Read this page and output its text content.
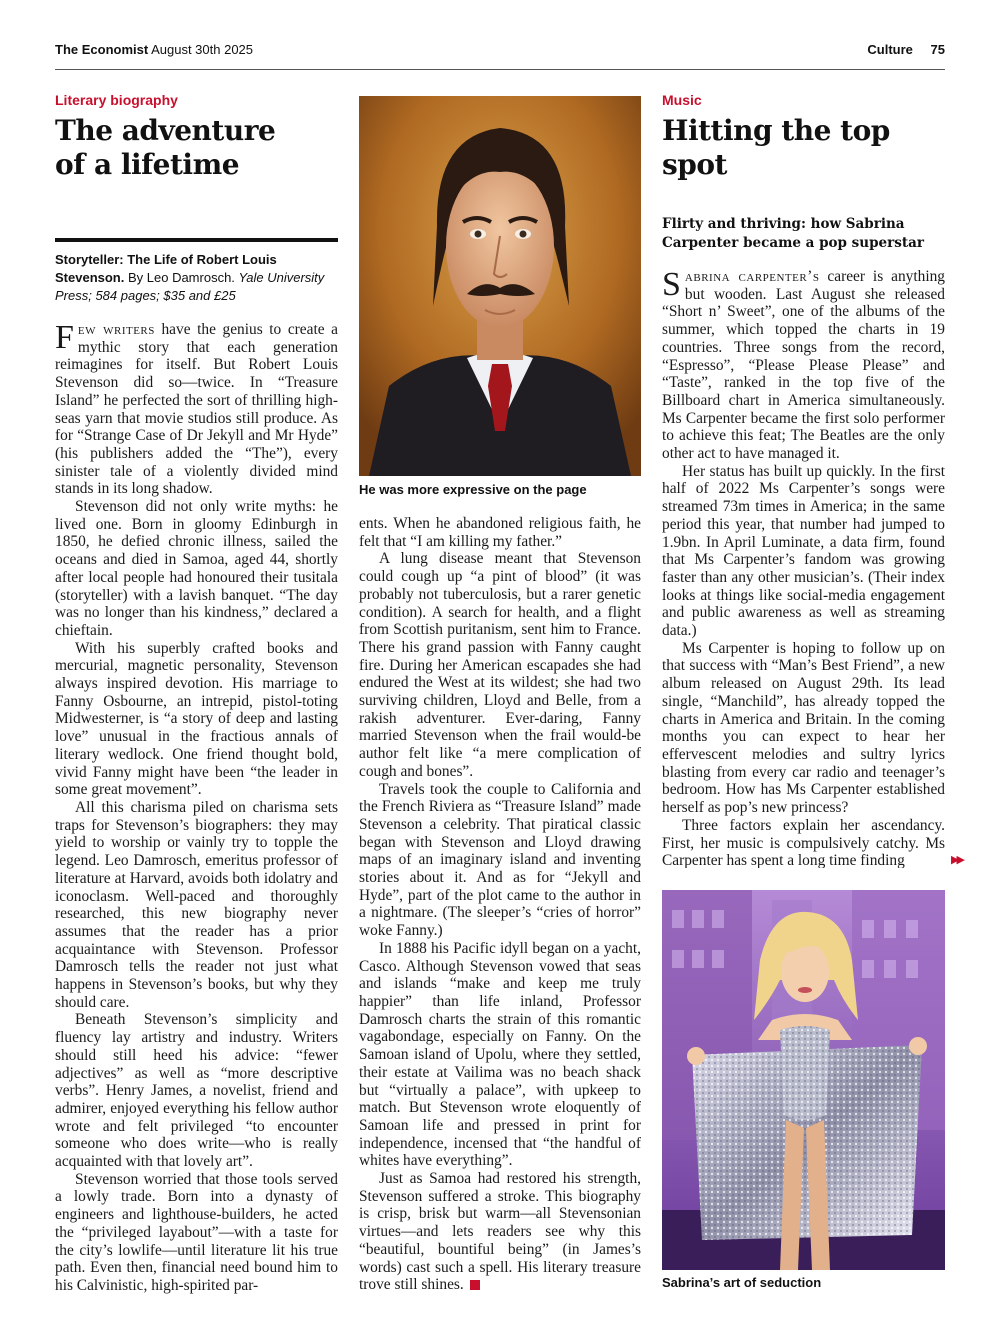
The Economist August 30th 2025	Culture 75
Literary biography
The adventure of a lifetime
Storyteller: The Life of Robert Louis Stevenson. By Leo Damrosch. Yale University Press; 584 pages; $35 and £25

Few writers have the genius to create a mythic story that each generation reimagines for itself. But Robert Louis Stevenson did so—twice. In “Treasure Island” he perfected the sort of thrilling high-seas yarn that movie studios still produce. As for “Strange Case of Dr Jekyll and Mr Hyde” (his publishers added the “The”), every sinister tale of a violently divided mind stands in its long shadow.

Stevenson did not only write myths: he lived one. Born in gloomy Edinburgh in 1850, he defied chronic illness, sailed the oceans and died in Samoa, aged 44, shortly after local people had honoured their tusitala (storyteller) with a lavish banquet. “The day was no longer than his kindness,” declared a chieftain.

With his superbly crafted books and mercurial, magnetic personality, Stevenson always inspired devotion. His marriage to Fanny Osbourne, an intrepid, pistol-toting Midwesterner, is “a story of deep and lasting love” unusual in the fractious annals of literary wedlock. One friend thought bold, vivid Fanny might have been “the leader in some great movement”.

All this charisma piled on charisma sets traps for Stevenson’s biographers: they may yield to worship or vainly try to topple the legend. Leo Damrosch, emeritus professor of literature at Harvard, avoids both idolatry and iconoclasm. Well-paced and thoroughly researched, this new biography never assumes that the reader has a prior acquaintance with Stevenson. Professor Damrosch tells the reader not just what happens in Stevenson’s books, but why they should care.

Beneath Stevenson’s simplicity and fluency lay artistry and industry. Writers should still heed his advice: “fewer adjectives” as well as “more descriptive verbs”. Henry James, a novelist, friend and admirer, enjoyed everything his fellow author wrote and felt privileged “to encounter someone who does write—who is really acquainted with that lovely art”.

Stevenson worried that those tools served a lowly trade. Born into a dynasty of engineers and lighthouse-builders, he acted the “privileged layabout”—with a taste for the city’s lowlife—until literature lit his true path. Even then, financial need bound him to his Calvinistic, high-spirited par-

He was more expressive on the page

ents. When he abandoned religious faith, he felt that “I am killing my father.”

A lung disease meant that Stevenson could cough up “a pint of blood” (it was probably not tuberculosis, but a rarer genetic condition). A search for health, and a flight from Scottish puritanism, sent him to France. There his grand passion with Fanny caught fire. During her American escapades she had endured the West at its wildest; she had two surviving children, Lloyd and Belle, from a rakish adventurer. Ever-daring, Fanny married Stevenson when the frail would-be author felt like “a mere complication of cough and bones”.

Travels took the couple to California and the French Riviera as “Treasure Island” made Stevenson a celebrity. That piratical classic began with Stevenson and Lloyd drawing maps of an imaginary island and inventing stories about it. And as for “Jekyll and Hyde”, part of the plot came to the author in a nightmare. (The sleeper’s “cries of horror” woke Fanny.)

In 1888 his Pacific idyll began on a yacht, Casco. Although Stevenson vowed that seas and islands “make and keep me truly happier” than life inland, Professor Damrosch charts the strain of this romantic vagabondage, especially on Fanny. On the Samoan island of Upolu, where they settled, their estate at Vailima was no beach shack but “virtually a palace”, with upkeep to match. But Stevenson wrote eloquently of Samoan life and pressed in print for independence, incensed that “the handful of whites have everything”.

Just as Samoa had restored his strength, Stevenson suffered a stroke. This biography is crisp, brisk but warm—all Stevensonian virtues—and lets readers see why this “beautiful, bountiful being” (in James’s words) cast such a spell. His literary treasure trove still shines.

Music
Hitting the top spot
Flirty and thriving: how Sabrina Carpenter became a pop superstar

Sabrina carpenter’s career is anything but wooden. Last August she released “Short n’ Sweet”, one of the albums of the summer, which topped the charts in 19 countries. Three songs from the record, “Espresso”, “Please Please Please” and “Taste”, ranked in the top five of the Billboard chart in America simultaneously. Ms Carpenter became the first solo performer to achieve this feat; The Beatles are the only other act to have managed it.

Her status has built up quickly. In the first half of 2022 Ms Carpenter’s songs were streamed 73m times in America; in the same period this year, that number had jumped to 1.9bn. In April Luminate, a data firm, found that Ms Carpenter’s fandom was growing faster than any other musician’s. (Their index looks at things like social-media engagement and public awareness as well as streaming data.)

Ms Carpenter is hoping to follow up on that success with “Man’s Best Friend”, a new album released on August 29th. Its lead single, “Manchild”, has already topped the charts in America and Britain. In the coming months you can expect to hear her effervescent melodies and sultry lyrics blasting from every car radio and teenager’s bedroom. How has Ms Carpenter established herself as pop’s new princess?

Three factors explain her ascendancy. First, her music is compulsively catchy. Ms Carpenter has spent a long time finding	▶▶
Sabrina’s art of seduction
